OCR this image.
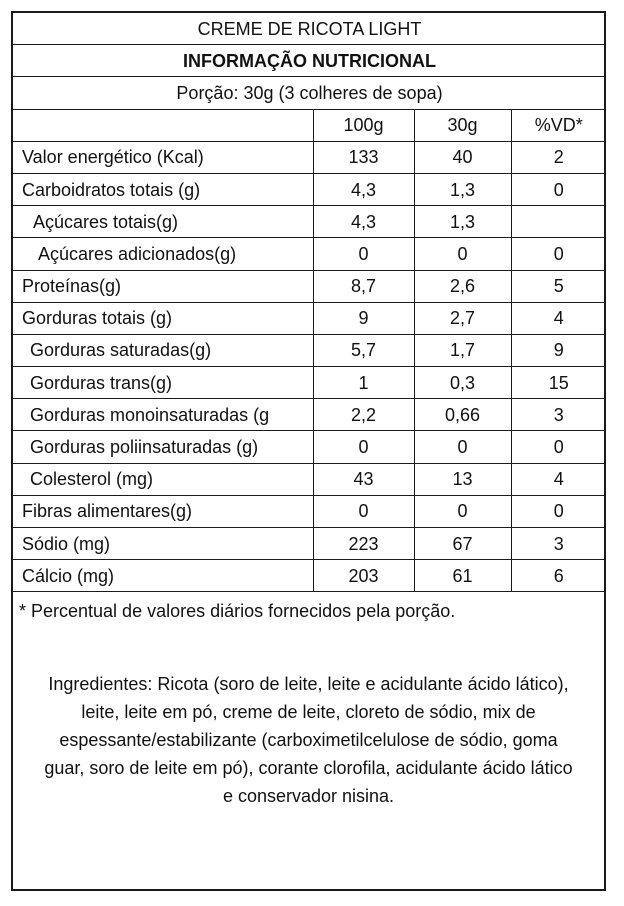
CREME DE RICOTA LIGHT			
INFORMAÇÃO NUTRICIONAL			
Porção: 30g (3 colheres de sopa)			
	100g	30g	%VD*
Valor energético (Kcal)	133	40	2
Carboidratos totais (g)	4,3	1,3	0
Açúcares totais(g)	4,3	1,3	
Açúcares adicionados(g)	0	0	0
Proteínas(g)	8,7	2,6	5
Gorduras totais (g)	9	2,7	4
Gorduras saturadas(g)	5,7	1,7	9
Gorduras trans(g)	1	0,3	15
Gorduras monoinsaturadas (g	2,2	0,66	3
Gorduras poliinsaturadas (g)	0	0	0
Colesterol (mg)	43	13	4
Fibras alimentares(g)	0	0	0
Sódio (mg)	223	67	3
Cálcio (mg)	203	61	6

* Percentual de valores diários fornecidos pela porção.

Ingredientes: Ricota (soro de leite, leite e acidulante ácido lático), leite, leite em pó, creme de leite, cloreto de sódio, mix de espessante/estabilizante (carboximetilcelulose de sódio, goma guar, soro de leite em pó), corante clorofila, acidulante ácido lático e conservador nisina.
